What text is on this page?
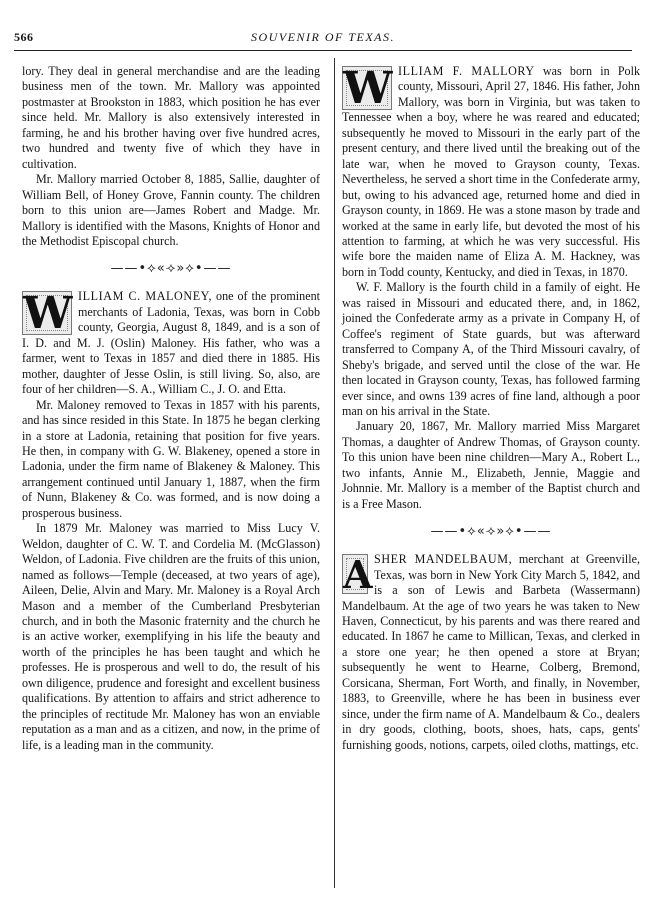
566	SOUVENIR OF TEXAS.

lory. They deal in general merchandise and are the leading business men of the town. Mr. Mallory was appointed postmaster at Brookston in 1883, which position he has ever since held. Mr. Mallory is also extensively interested in farming, he and his brother having over five hundred acres, two hundred and twenty five of which they have in cultivation.

Mr. Mallory married October 8, 1885, Sallie, daughter of William Bell, of Honey Grove, Fannin county. The children born to this union are—James Robert and Madge. Mr. Mallory is identified with the Masons, Knights of Honor and the Methodist Episcopal church.

——•⟡«⟢»⟡•——

W ILLIAM C. MALONEY, one of the prominent merchants of Ladonia, Texas, was born in Cobb county, Georgia, August 8, 1849, and is a son of I. D. and M. J. (Oslin) Maloney. His father, who was a farmer, went to Texas in 1857 and died there in 1885. His mother, daughter of Jesse Oslin, is still living. So, also, are four of her children—S. A., William C., J. O. and Etta.

Mr. Maloney removed to Texas in 1857 with his parents, and has since resided in this State. In 1875 he began clerking in a store at Ladonia, retaining that position for five years. He then, in company with G. W. Blakeney, opened a store in Ladonia, under the firm name of Blakeney & Maloney. This arrangement continued until January 1, 1887, when the firm of Nunn, Blakeney & Co. was formed, and is now doing a prosperous business.

In 1879 Mr. Maloney was married to Miss Lucy V. Weldon, daughter of C. W. T. and Cordelia M. (McGlasson) Weldon, of Ladonia. Five children are the fruits of this union, named as follows—Temple (deceased, at two years of age), Aileen, Delie, Alvin and Mary. Mr. Maloney is a Royal Arch Mason and a member of the Cumberland Presbyterian church, and in both the Masonic fraternity and the church he is an active worker, exemplifying in his life the beauty and worth of the principles he has been taught and which he professes. He is prosperous and well to do, the result of his own diligence, prudence and foresight and excellent business qualifications. By attention to affairs and strict adherence to the principles of rectitude Mr. Maloney has won an enviable reputation as a man and as a citizen, and now, in the prime of life, is a leading man in the community.

W ILLIAM F. MALLORY was born in Polk county, Missouri, April 27, 1846. His father, John Mallory, was born in Virginia, but was taken to Tennessee when a boy, where he was reared and educated; subsequently he moved to Missouri in the early part of the present century, and there lived until the breaking out of the late war, when he moved to Grayson county, Texas. Nevertheless, he served a short time in the Confederate army, but, owing to his advanced age, returned home and died in Grayson county, in 1869. He was a stone mason by trade and worked at the same in early life, but devoted the most of his attention to farming, at which he was very successful. His wife bore the maiden name of Eliza A. M. Hackney, was born in Todd county, Kentucky, and died in Texas, in 1870.

W. F. Mallory is the fourth child in a family of eight. He was raised in Missouri and educated there, and, in 1862, joined the Confederate army as a private in Company H, of Coffee's regiment of State guards, but was afterward transferred to Company A, of the Third Missouri cavalry, of Sheby's brigade, and served until the close of the war. He then located in Grayson county, Texas, has followed farming ever since, and owns 139 acres of fine land, although a poor man on his arrival in the State.

January 20, 1867, Mr. Mallory married Miss Margaret Thomas, a daughter of Andrew Thomas, of Grayson county. To this union have been nine children—Mary A., Robert L., two infants, Annie M., Elizabeth, Jennie, Maggie and Johnnie. Mr. Mallory is a member of the Baptist church and is a Free Mason.

——•⟡«⟢»⟡•——

A SHER MANDELBAUM, merchant at Greenville, Texas, was born in New York City March 5, 1842, and is a son of Lewis and Barbeta (Wassermann) Mandelbaum. At the age of two years he was taken to New Haven, Connecticut, by his parents and was there reared and educated. In 1867 he came to Millican, Texas, and clerked in a store one year; he then opened a store at Bryan; subsequently he went to Hearne, Colberg, Bremond, Corsicana, Sherman, Fort Worth, and finally, in November, 1883, to Greenville, where he has been in business ever since, under the firm name of A. Mandelbaum & Co., dealers in dry goods, clothing, boots, shoes, hats, caps, gents' furnishing goods, notions, carpets, oiled cloths, mattings, etc.
